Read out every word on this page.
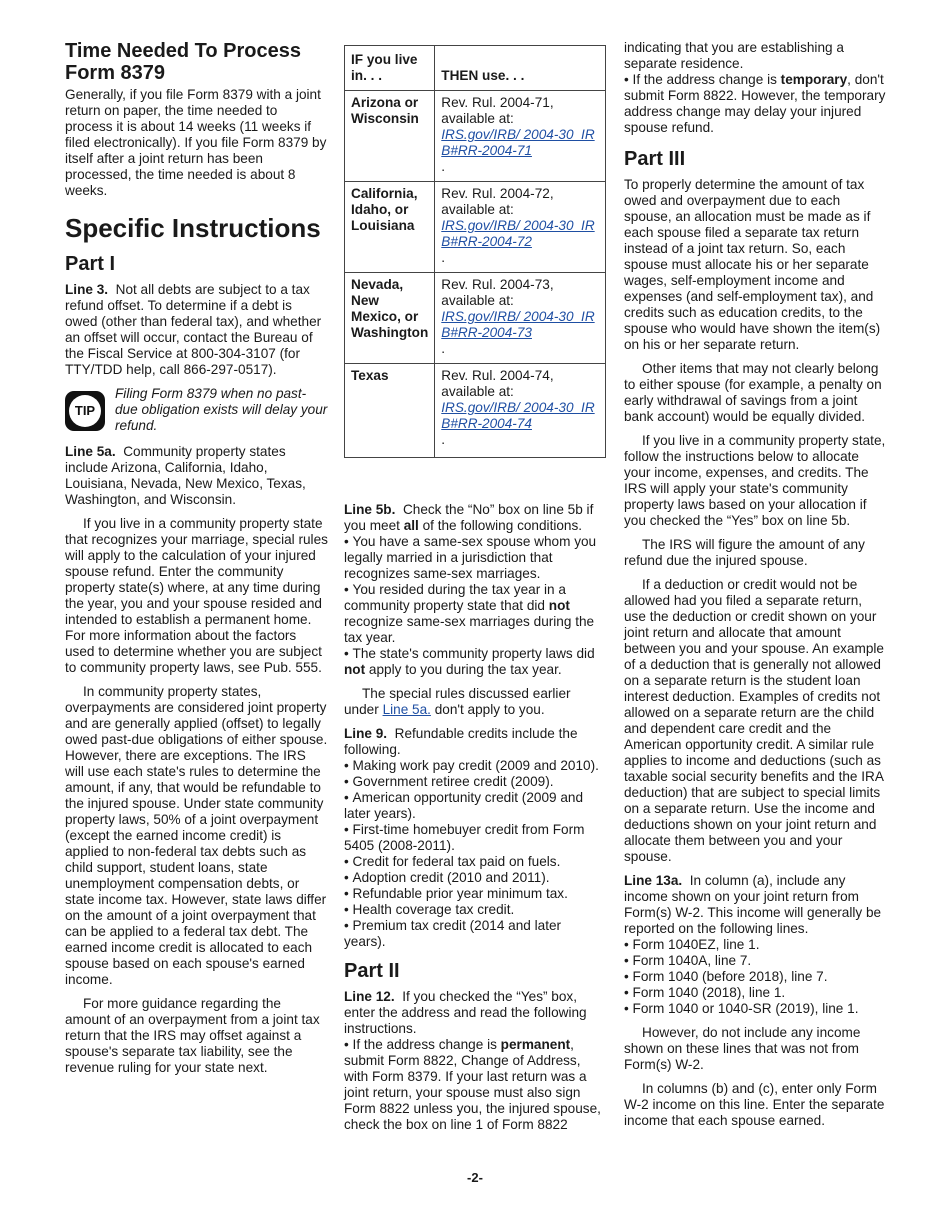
Time Needed To Process Form 8379

Generally, if you file Form 8379 with a joint return on paper, the time needed to process it is about 14 weeks (11 weeks if filed electronically). If you file Form 8379 by itself after a joint return has been processed, the time needed is about 8 weeks.

Specific Instructions
Part I

Line 3. Not all debts are subject to a tax refund offset. To determine if a debt is owed (other than federal tax), and whether an offset will occur, contact the Bureau of the Fiscal Service at 800-304-3107 (for TTY/TDD help, call 866-297-0517).

TIP
Filing Form 8379 when no past-due obligation exists will delay your refund.

Line 5a. Community property states include Arizona, California, Idaho, Louisiana, Nevada, New Mexico, Texas, Washington, and Wisconsin.

If you live in a community property state that recognizes your marriage, special rules will apply to the calculation of your injured spouse refund. Enter the community property state(s) where, at any time during the year, you and your spouse resided and intended to establish a permanent home. For more information about the factors used to determine whether you are subject to community property laws, see Pub. 555.

In community property states, overpayments are considered joint property and are generally applied (offset) to legally owed past-due obligations of either spouse. However, there are exceptions. The IRS will use each state's rules to determine the amount, if any, that would be refundable to the injured spouse. Under state community property laws, 50% of a joint overpayment (except the earned income credit) is applied to non-federal tax debts such as child support, student loans, state unemployment compensation debts, or state income tax. However, state laws differ on the amount of a joint overpayment that can be applied to a federal tax debt. The earned income credit is allocated to each spouse based on each spouse's earned income.

For more guidance regarding the amount of an overpayment from a joint tax return that the IRS may offset against a spouse's separate tax liability, see the revenue ruling for your state next.

IF you live in. . .	THEN use. . .
Arizona or Wisconsin	Rev. Rul. 2004-71, available at:
IRS.gov/IRB/ 2004-30_IRB#RR-2004-71
.
California, Idaho, or Louisiana	Rev. Rul. 2004-72, available at:
IRS.gov/IRB/ 2004-30_IRB#RR-2004-72
.
Nevada, New Mexico, or Washington	Rev. Rul. 2004-73, available at:
IRS.gov/IRB/ 2004-30_IRB#RR-2004-73
.
Texas	Rev. Rul. 2004-74, available at:
IRS.gov/IRB/ 2004-30_IRB#RR-2004-74
.

Line 5b. Check the “No” box on line 5b if you meet all of the following conditions.

• You have a same-sex spouse whom you legally married in a jurisdiction that recognizes same-sex marriages.
• You resided during the tax year in a community property state that did not recognize same-sex marriages during the tax year.
• The state's community property laws did not apply to you during the tax year.

The special rules discussed earlier under Line 5a. don't apply to you.

Line 9. Refundable credits include the following.

• Making work pay credit (2009 and 2010).
• Government retiree credit (2009).
• American opportunity credit (2009 and later years).
• First-time homebuyer credit from Form 5405 (2008-2011).
• Credit for federal tax paid on fuels.
• Adoption credit (2010 and 2011).
• Refundable prior year minimum tax.
• Health coverage tax credit.
• Premium tax credit (2014 and later years).
Part II

Line 12. If you checked the “Yes” box, enter the address and read the following instructions.

• If the address change is permanent, submit Form 8822, Change of Address, with Form 8379. If your last return was a joint return, your spouse must also sign Form 8822 unless you, the injured spouse, check the box on line 1 of Form 8822

indicating that you are establishing a separate residence.

• If the address change is temporary, don't submit Form 8822. However, the temporary address change may delay your injured spouse refund.
Part III

To properly determine the amount of tax owed and overpayment due to each spouse, an allocation must be made as if each spouse filed a separate tax return instead of a joint tax return. So, each spouse must allocate his or her separate wages, self-employment income and expenses (and self-employment tax), and credits such as education credits, to the spouse who would have shown the item(s) on his or her separate return.

Other items that may not clearly belong to either spouse (for example, a penalty on early withdrawal of savings from a joint bank account) would be equally divided.

If you live in a community property state, follow the instructions below to allocate your income, expenses, and credits. The IRS will apply your state's community property laws based on your allocation if you checked the “Yes” box on line 5b.

The IRS will figure the amount of any refund due the injured spouse.

If a deduction or credit would not be allowed had you filed a separate return, use the deduction or credit shown on your joint return and allocate that amount between you and your spouse. An example of a deduction that is generally not allowed on a separate return is the student loan interest deduction. Examples of credits not allowed on a separate return are the child and dependent care credit and the American opportunity credit. A similar rule applies to income and deductions (such as taxable social security benefits and the IRA deduction) that are subject to special limits on a separate return. Use the income and deductions shown on your joint return and allocate them between you and your spouse.

Line 13a. In column (a), include any income shown on your joint return from Form(s) W-2. This income will generally be reported on the following lines.

• Form 1040EZ, line 1.
• Form 1040A, line 7.
• Form 1040 (before 2018), line 7.
• Form 1040 (2018), line 1.
• Form 1040 or 1040-SR (2019), line 1.

However, do not include any income shown on these lines that was not from Form(s) W-2.

In columns (b) and (c), enter only Form W-2 income on this line. Enter the separate income that each spouse earned.

-2-
